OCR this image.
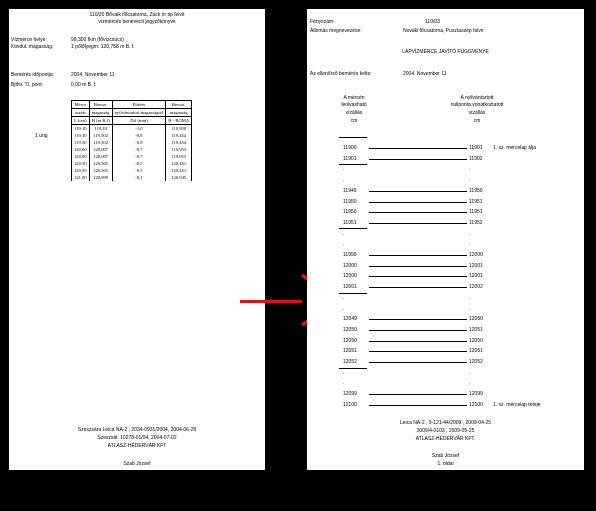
110/20 Bővalk ifőcsatorna, Zück ör tip felvit
vízmércés benevecti jegyzőkönyve
Vízmérce helye:	99,300 fkm (fővízcsúcs)
Kiindul. magasság:	1 pőlőlyegm: 120,758 m B. f.
Bemérés időpontja:	2004. November 11
Bjthv. "0, pont:	0,00 m B. f.
1 ung
Mérce	Beoszt.	Eltérés	Beoszt.
osztás	magasság	nyilvántartott magasságtól	magasság
L (cm)	H (m B.f)	Dif (mm)	H - BOMA
119,10	119,10	-1,0	119,950
119,30	119,502	-0,8	119,454
119,50	119,502	-0,8	119,454
120,00	120,007	-0,7	119,953
120,00	120,007	-0,7	119,953
120,50	120,505	-0,5	120,451
120,50	120,505	-0,5	120,451
121,00	120,999	-0,1	120,945
Szeszsára Leica NA-2 , 2034-0931/2004, 2004-06-28
Szeszsál: 10278-01/04, 2004-07-02
ATLASZ-HÉDERVÁR KFT
Szab József
Fényszám:	110/03
Állomás megnevezése:	Nováki főcsatorna, Pusztaszép falvir
LÁPVÍZMÉRCE JAVÍTÓ FÜGGVÉNYE
Az ellenőrző bemérés kelte:	2004. November 11
A mércén
leolvasható
vízállás
cm
A nyilvántartott
nullponta vonatkoztatott
vízállás
cm
11900	11901 1. sz. mércelap alja
11901	11902
.	.
.	.
11949	11950
11950	11951
11950	11951
11951	11952
.	.
.	.
11999	12000
12000	12001
12000	12001
12001	12002
.	.
.	.
12049	12050
12050	12051
12050	12050
12051	12051
12052	12052
.	.
.	.
12099	12099
12100	12100 1. sz. mércelap teteje
Leica NA-2 , 9-121-44/2009 , 2009-04-25
2009/4-0103 , 2009-05-25
ATLASZ-HÉDERVÁR KFT.
Szab József
1. oldal
